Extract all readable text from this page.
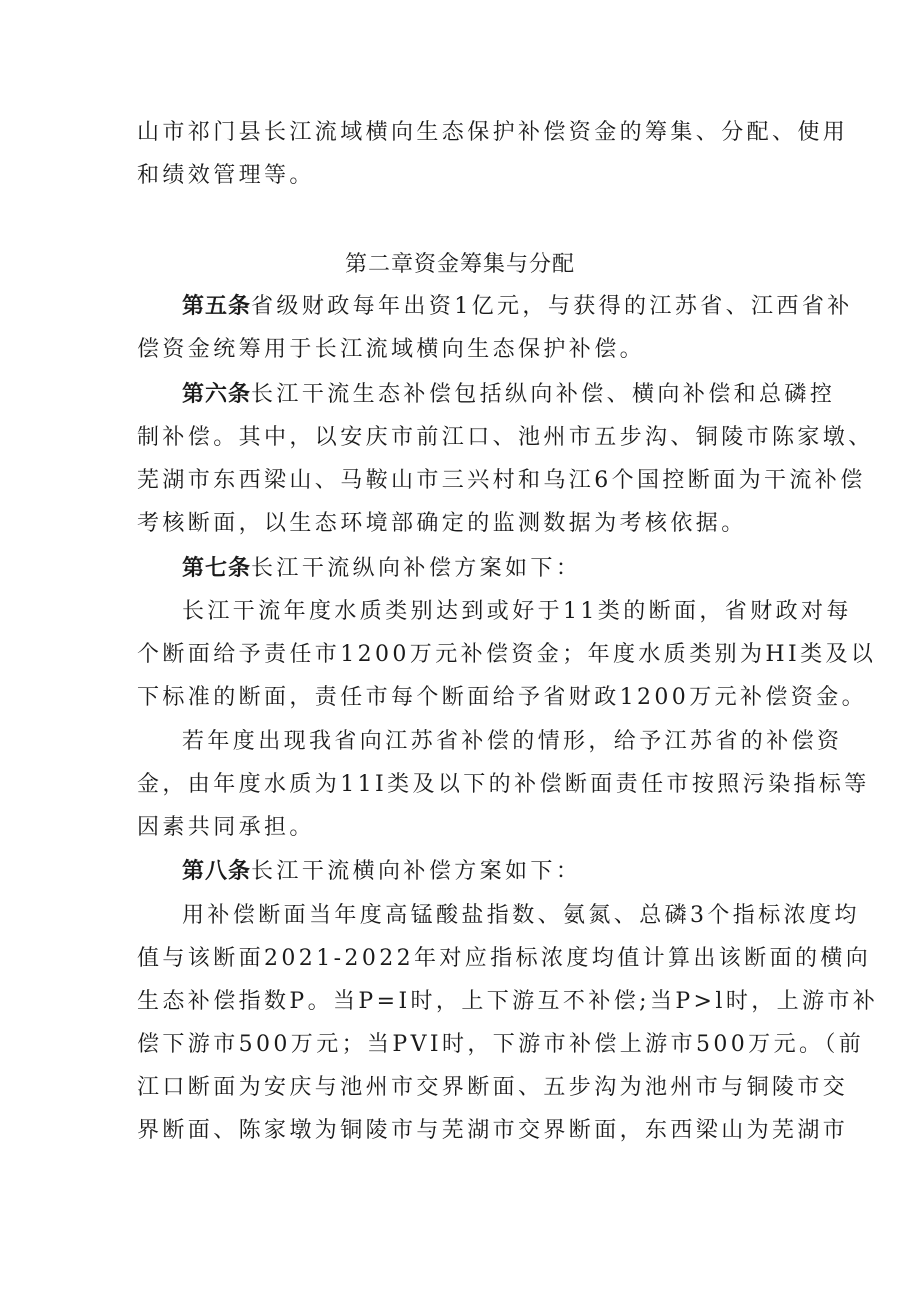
山市祁门县长江流域横向生态保护补偿资金的筹集、分配、使用
和绩效管理等。
第二章资金筹集与分配
第五条省级财政每年出资1亿元，与获得的江苏省、江西省补
偿资金统筹用于长江流域横向生态保护补偿。
第六条长江干流生态补偿包括纵向补偿、横向补偿和总磷控
制补偿。其中，以安庆市前江口、池州市五步沟、铜陵市陈家墩、
芜湖市东西梁山、马鞍山市三兴村和乌江6个国控断面为干流补偿
考核断面，以生态环境部确定的监测数据为考核依据。
第七条长江干流纵向补偿方案如下：
长江干流年度水质类别达到或好于11类的断面，省财政对每
个断面给予责任市1200万元补偿资金；年度水质类别为HI类及以
下标准的断面，责任市每个断面给予省财政1200万元补偿资金。
若年度出现我省向江苏省补偿的情形，给予江苏省的补偿资
金，由年度水质为11I类及以下的补偿断面责任市按照污染指标等
因素共同承担。
第八条长江干流横向补偿方案如下：
用补偿断面当年度高锰酸盐指数、氨氮、总磷3个指标浓度均
值与该断面2021-2022年对应指标浓度均值计算出该断面的横向
生态补偿指数P。当P=I时，上下游互不补偿;当P>l时，上游市补
偿下游市500万元；当PVI时，下游市补偿上游市500万元。（前
江口断面为安庆与池州市交界断面、五步沟为池州市与铜陵市交
界断面、陈家墩为铜陵市与芜湖市交界断面，东西梁山为芜湖市
